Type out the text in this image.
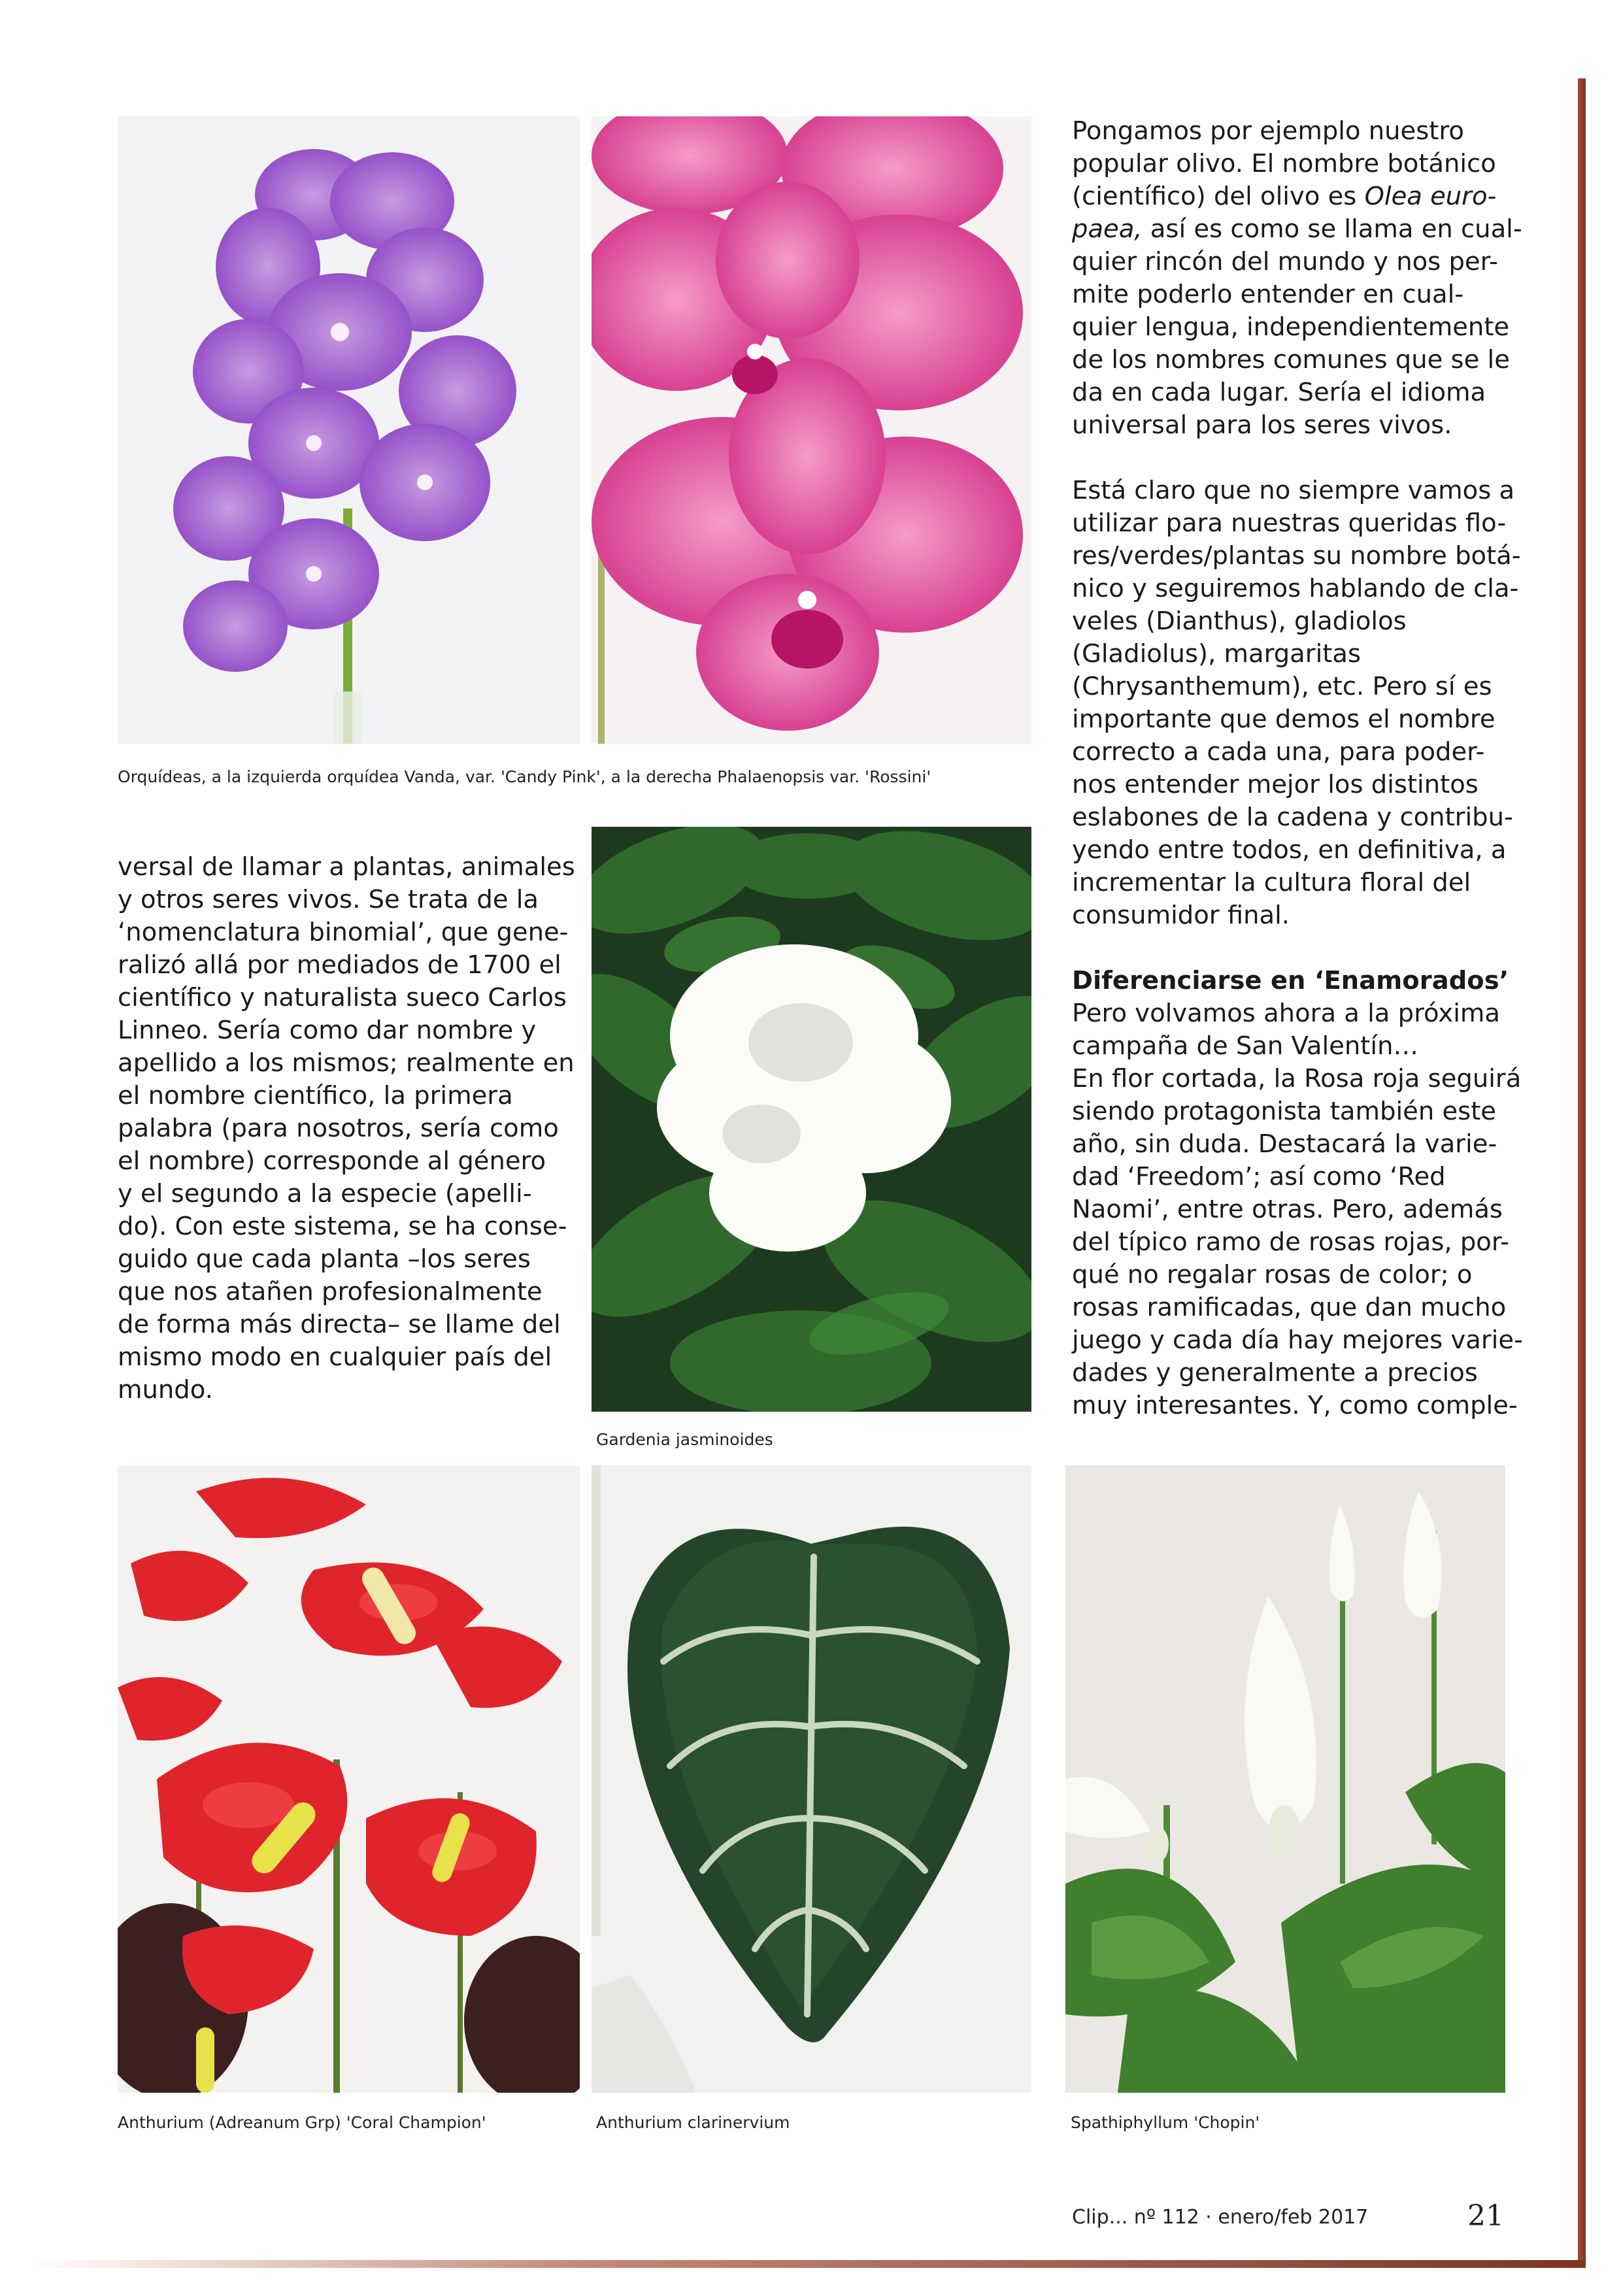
Orquídeas, a la izquierda orquídea Vanda, var. 'Candy Pink', a la derecha Phalaenopsis var. 'Rossini'
Gardenia jasminoides
Anthurium (Adreanum Grp) 'Coral Champion'	Anthurium clarinervium	Spathiphyllum 'Chopin'

Pongamos por ejemplo nuestro

popular olivo. El nombre botánico

(científico) del olivo es Olea euro-

paea, así es como se llama en cual-

quier rincón del mundo y nos per-

mite poderlo entender en cual-

quier lengua, independientemente

de los nombres comunes que se le

da en cada lugar. Sería el idioma

universal para los seres vivos.

Está claro que no siempre vamos a

utilizar para nuestras queridas flo-

res/verdes/plantas su nombre botá-

nico y seguiremos hablando de cla-

veles (Dianthus), gladiolos

(Gladiolus), margaritas

(Chrysanthemum), etc. Pero sí es

importante que demos el nombre

correcto a cada una, para poder-

nos entender mejor los distintos

eslabones de la cadena y contribu-

yendo entre todos, en definitiva, a

incrementar la cultura floral del

consumidor final.

Diferenciarse en ‘Enamorados’

Pero volvamos ahora a la próxima

campaña de San Valentín…

En flor cortada, la Rosa roja seguirá

siendo protagonista también este

año, sin duda. Destacará la varie-

dad ‘Freedom’; así como ‘Red

Naomi’, entre otras. Pero, además

del típico ramo de rosas rojas, por-

qué no regalar rosas de color; o

rosas ramificadas, que dan mucho

juego y cada día hay mejores varie-

dades y generalmente a precios

muy interesantes. Y, como comple-

versal de llamar a plantas, animales

y otros seres vivos. Se trata de la

‘nomenclatura binomial’, que gene-

ralizó allá por mediados de 1700 el

científico y naturalista sueco Carlos

Linneo. Sería como dar nombre y

apellido a los mismos; realmente en

el nombre científico, la primera

palabra (para nosotros, sería como

el nombre) corresponde al género

y el segundo a la especie (apelli-

do). Con este sistema, se ha conse-

guido que cada planta –los seres

que nos atañen profesionalmente

de forma más directa– se llame del

mismo modo en cualquier país del

mundo.

Clip... nº 112 · enero/feb 2017	21
